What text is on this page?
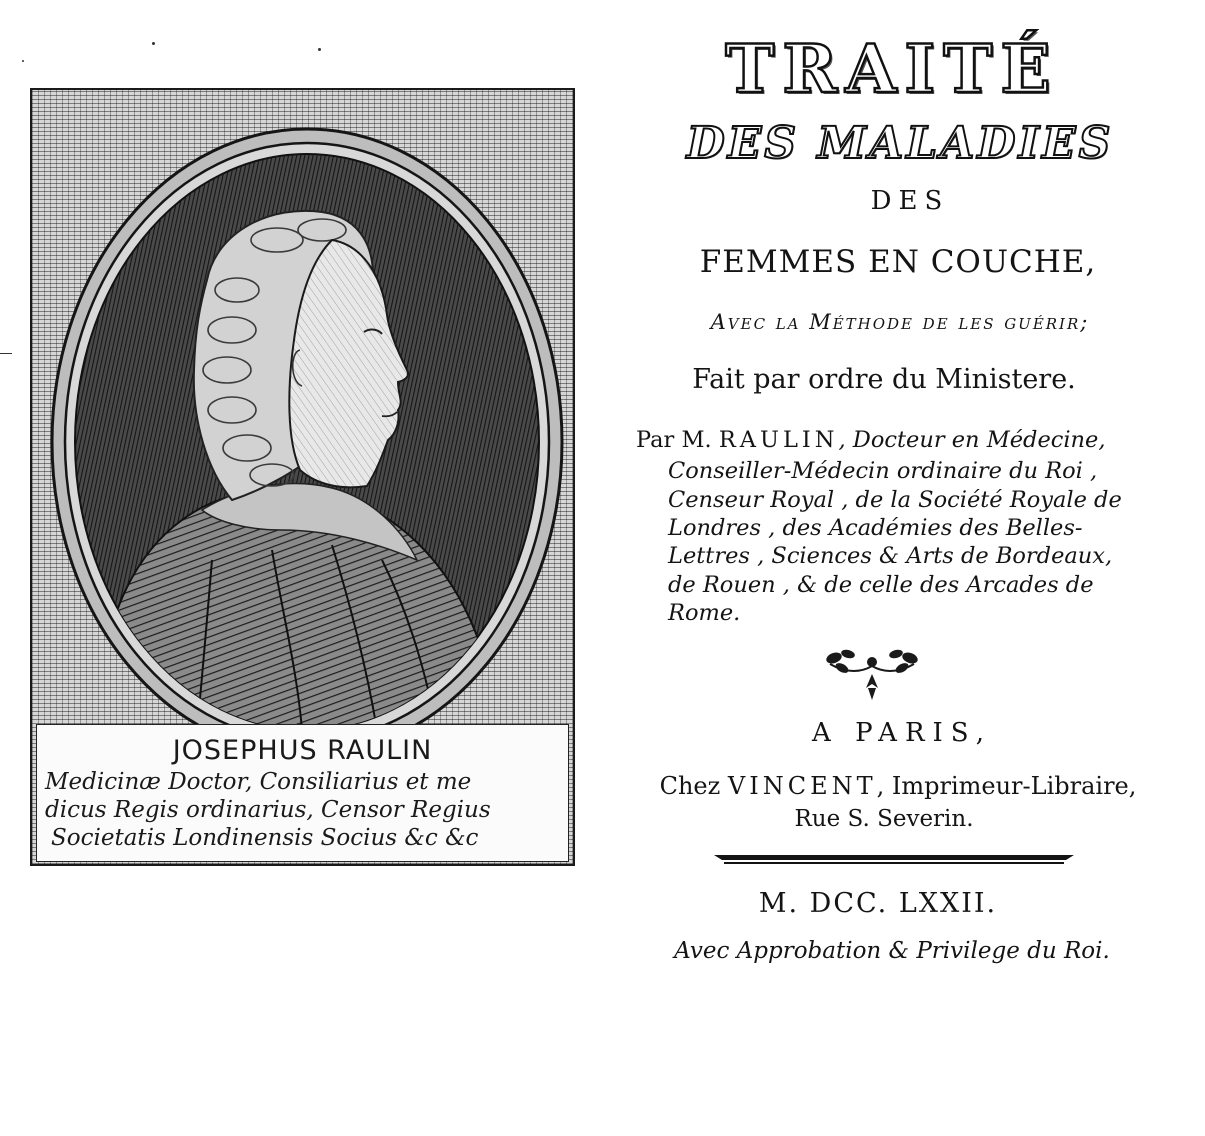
JOSEPHUS RAULIN
Medicinæ Doctor, Consiliarius et me
dicus Regis ordinarius, Censor Regius
Societatis Londinensis Socius &c &c
TRAITÉ
DES MALADIES
DES
FEMMES EN COUCHE,
Avec la Méthode de les guérir;
Fait par ordre du Ministere.
Par M. RAULIN, Docteur en Médecine,
Conseiller-Médecin ordinaire du Roi ,
Censeur Royal , de la Société Royale de
Londres , des Académies des Belles-
Lettres , Sciences & Arts de Bordeaux,
de Rouen , & de celle des Arcades de
Rome.
A PARIS,
Chez VINCENT, Imprimeur-Libraire,
Rue S. Severin.
M. DCC. LXXII.
Avec Approbation & Privilege du Roi.
